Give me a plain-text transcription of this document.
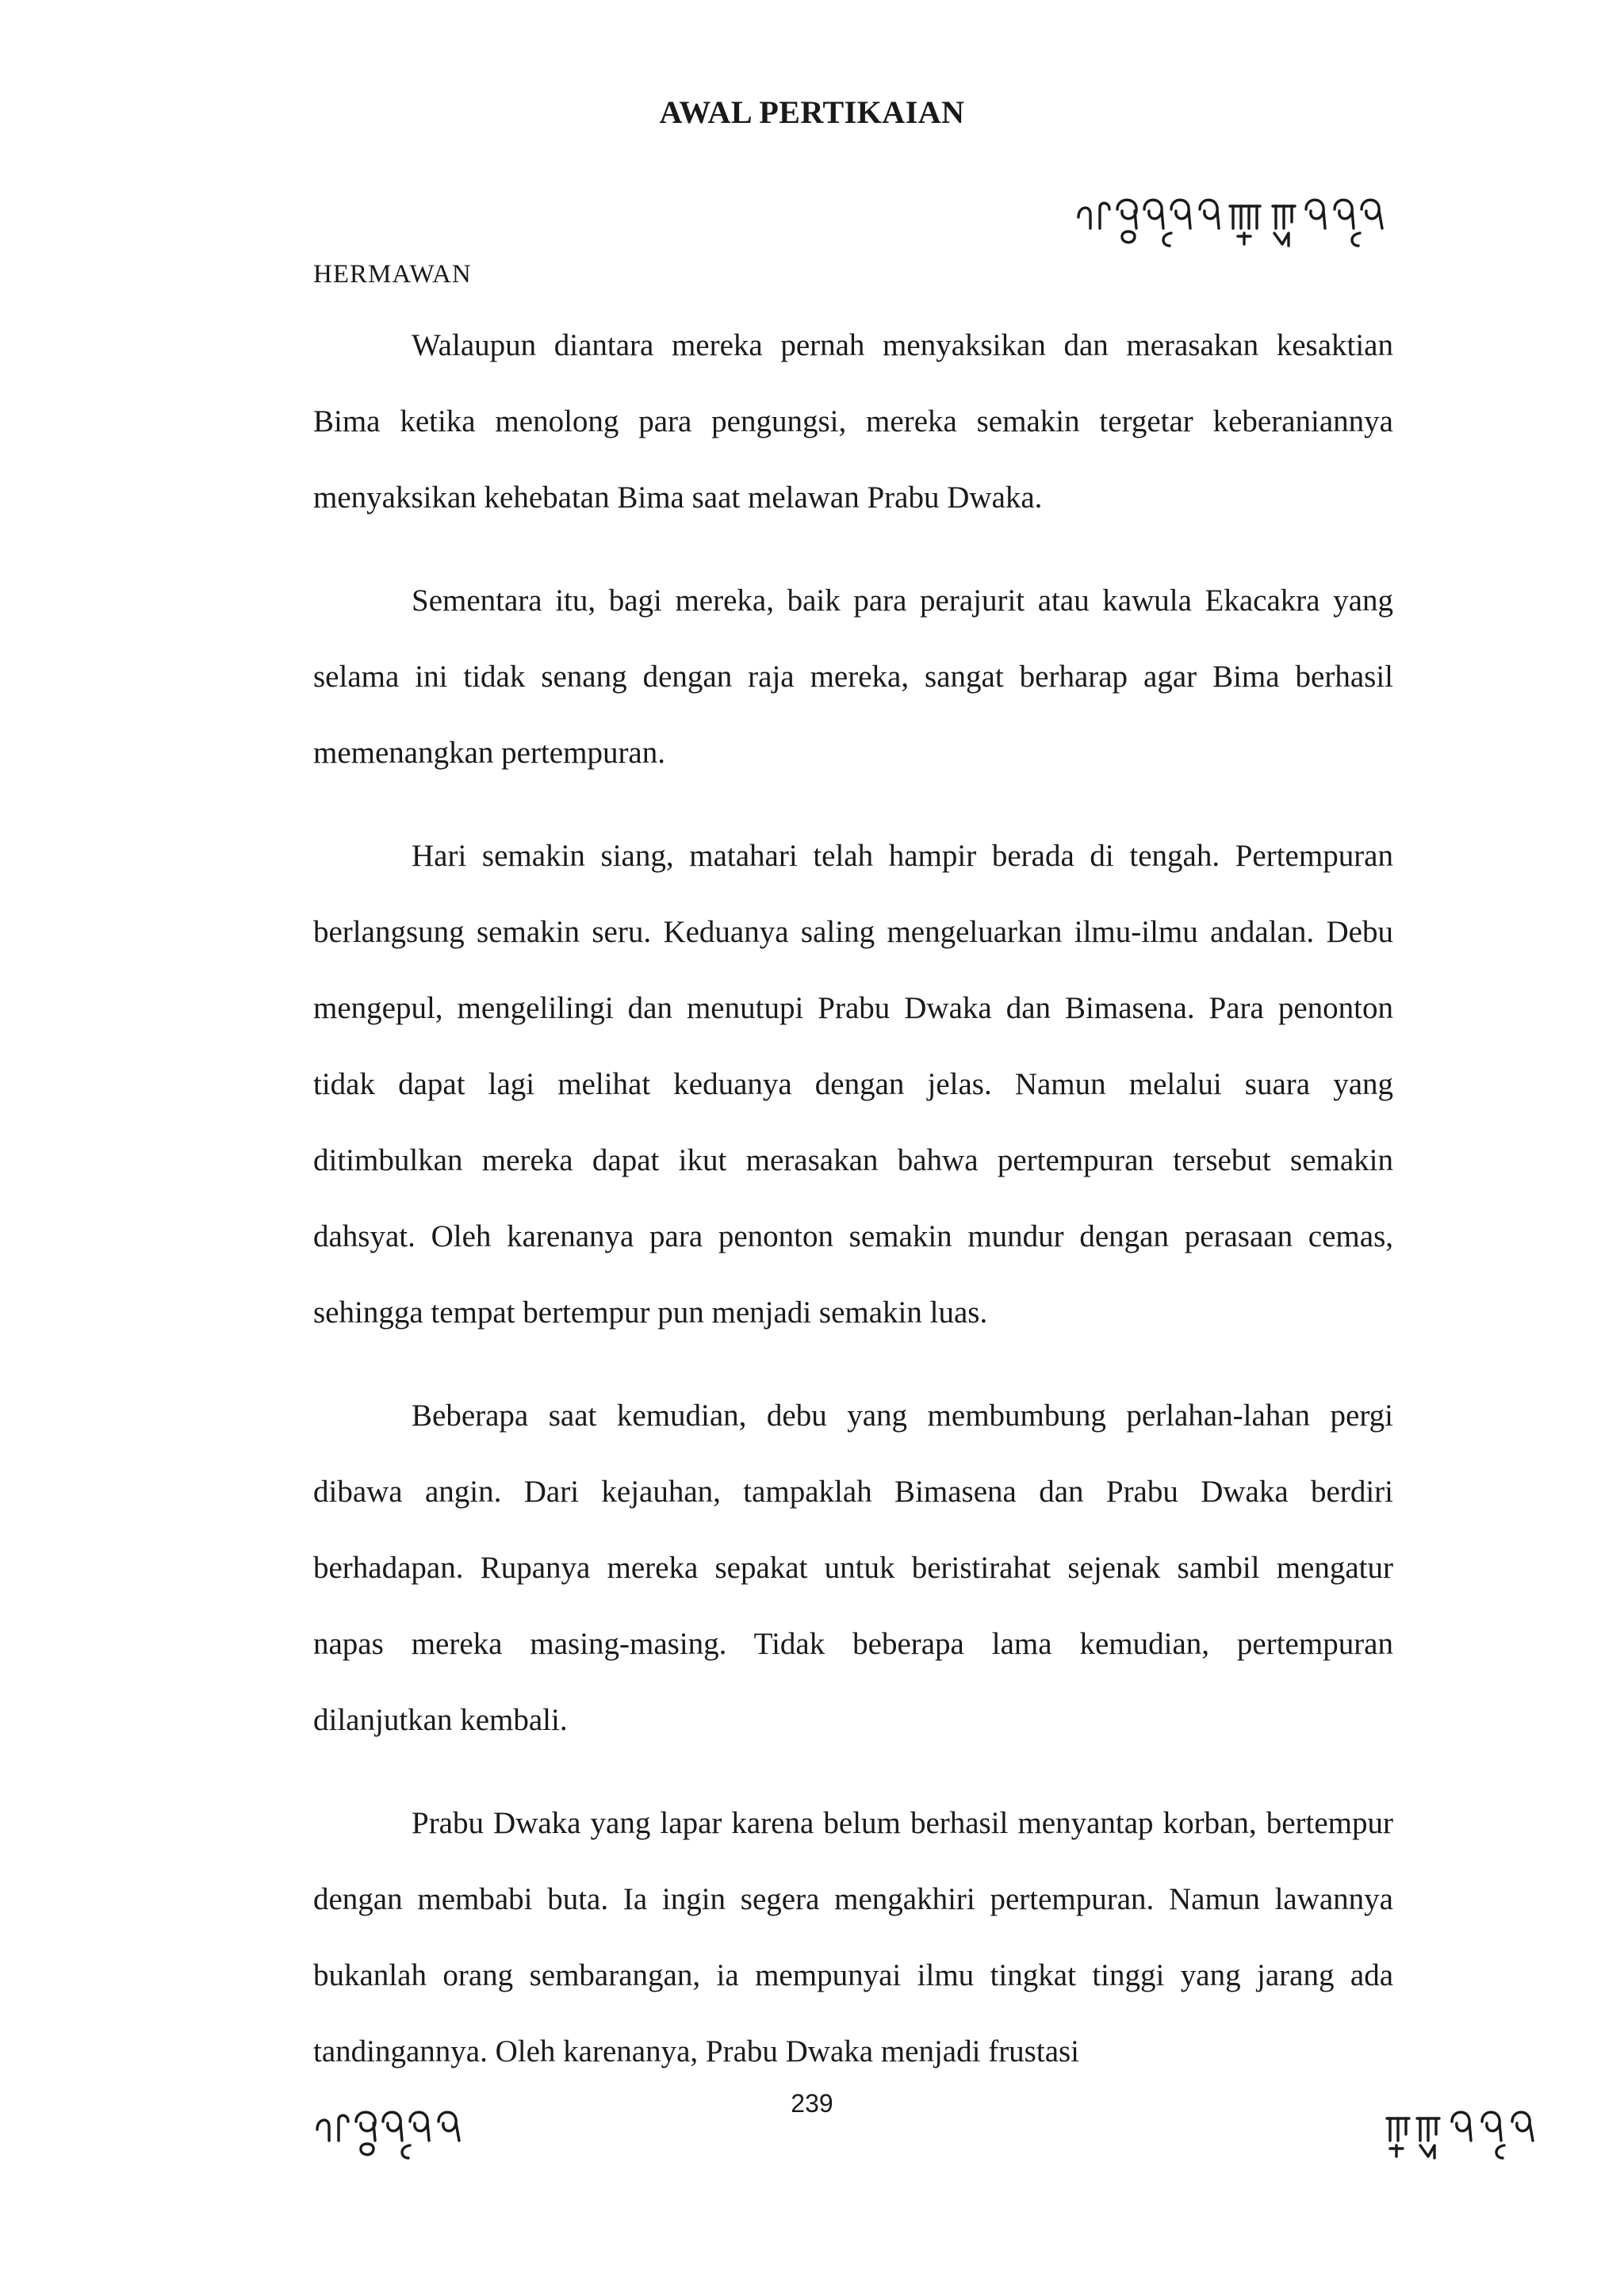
AWAL PERTIKAIAN
HERMAWAN

Walaupun diantara mereka pernah menyaksikan dan merasakan kesaktian Bima ketika menolong para pengungsi, mereka semakin tergetar keberaniannya menyaksikan kehebatan Bima saat melawan Prabu Dwaka.

Sementara itu, bagi mereka, baik para perajurit atau kawula Ekacakra yang selama ini tidak senang dengan raja mereka, sangat berharap agar Bima berhasil memenangkan pertempuran.

Hari semakin siang, matahari telah hampir berada di tengah. Pertempuran berlangsung semakin seru. Keduanya saling mengeluarkan ilmu-ilmu andalan. Debu mengepul, mengelilingi dan menutupi Prabu Dwaka dan Bimasena. Para penonton tidak dapat lagi melihat keduanya dengan jelas. Namun melalui suara yang ditimbulkan mereka dapat ikut merasakan bahwa pertempuran tersebut semakin dahsyat. Oleh karenanya para penonton semakin mundur dengan perasaan cemas, sehingga tempat bertempur pun menjadi semakin luas.

Beberapa saat kemudian, debu yang membumbung perlahan-lahan pergi dibawa angin. Dari kejauhan, tampaklah Bimasena dan Prabu Dwaka berdiri berhadapan. Rupanya mereka sepakat untuk beristirahat sejenak sambil mengatur napas mereka masing-masing. Tidak beberapa lama kemudian, pertempuran dilanjutkan kembali.

Prabu Dwaka yang lapar karena belum berhasil menyantap korban, bertempur dengan membabi buta. Ia ingin segera mengakhiri pertempuran. Namun lawannya bukanlah orang sembarangan, ia mempunyai ilmu tingkat tinggi yang jarang ada tandingannya. Oleh karenanya, Prabu Dwaka menjadi frustasi

239
